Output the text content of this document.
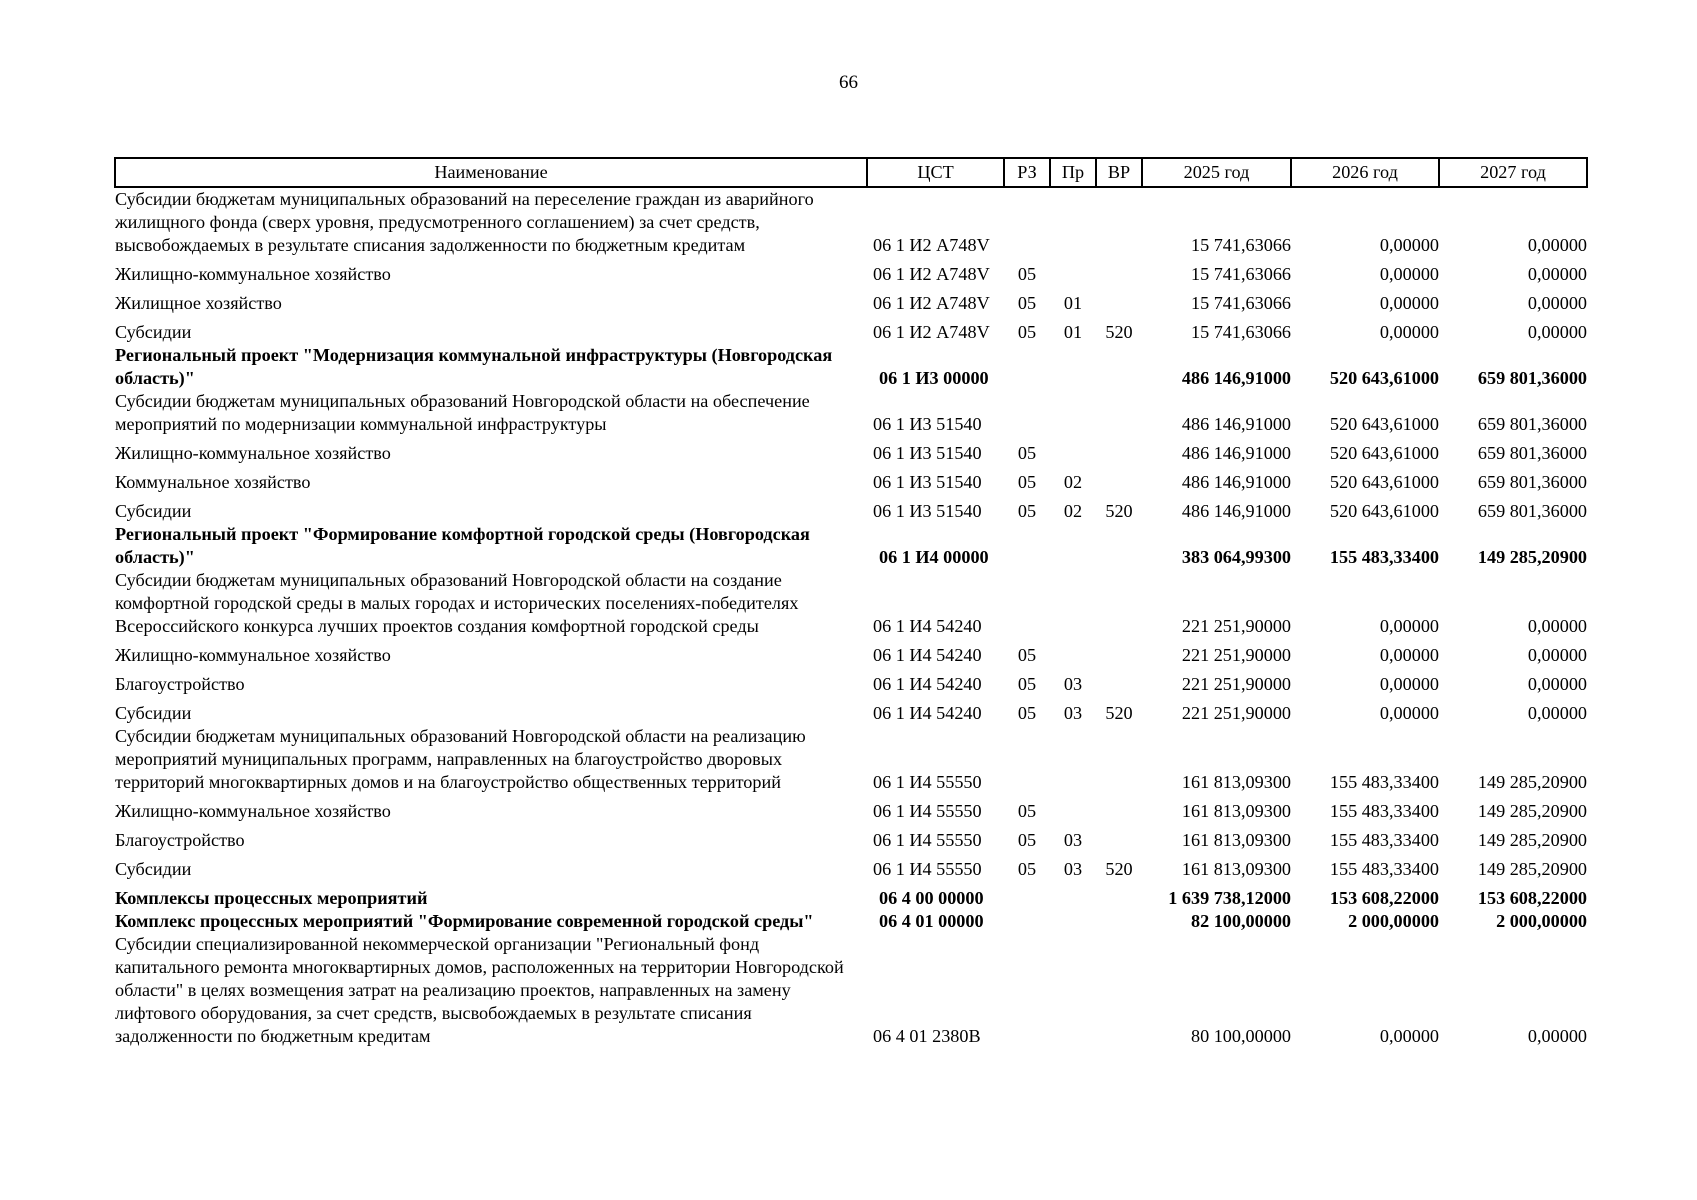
66
Наименование	ЦСТ	РЗ	Пр	ВР	2025 год	2026 год	2027 год
Субсидии бюджетам муниципальных образований на переселение граждан из аварийного жилищного фонда (сверх уровня, предусмотренного соглашением) за счет средств, высвобождаемых в результате списания задолженности по бюджетным кредитам	06 1 И2 А748V				15 741,63066	0,00000	0,00000
Жилищно-коммунальное хозяйство	06 1 И2 А748V	05			15 741,63066	0,00000	0,00000
Жилищное хозяйство	06 1 И2 А748V	05	01		15 741,63066	0,00000	0,00000
Субсидии	06 1 И2 А748V	05	01	520	15 741,63066	0,00000	0,00000
Региональный проект "Модернизация коммунальной инфраструктуры (Новгородская область)"	06 1 И3 00000				486 146,91000	520 643,61000	659 801,36000
Субсидии бюджетам муниципальных образований Новгородской области на обеспечение мероприятий по модернизации коммунальной инфраструктуры	06 1 И3 51540				486 146,91000	520 643,61000	659 801,36000
Жилищно-коммунальное хозяйство	06 1 И3 51540	05			486 146,91000	520 643,61000	659 801,36000
Коммунальное хозяйство	06 1 И3 51540	05	02		486 146,91000	520 643,61000	659 801,36000
Субсидии	06 1 И3 51540	05	02	520	486 146,91000	520 643,61000	659 801,36000
Региональный проект "Формирование комфортной городской среды (Новгородская область)"	06 1 И4 00000				383 064,99300	155 483,33400	149 285,20900
Субсидии бюджетам муниципальных образований Новгородской области на создание комфортной городской среды в малых городах и исторических поселениях-победителях Всероссийского конкурса лучших проектов создания комфортной городской среды	06 1 И4 54240				221 251,90000	0,00000	0,00000
Жилищно-коммунальное хозяйство	06 1 И4 54240	05			221 251,90000	0,00000	0,00000
Благоустройство	06 1 И4 54240	05	03		221 251,90000	0,00000	0,00000
Субсидии	06 1 И4 54240	05	03	520	221 251,90000	0,00000	0,00000
Субсидии бюджетам муниципальных образований Новгородской области на реализацию мероприятий муниципальных программ, направленных на благоустройство дворовых территорий многоквартирных домов и на благоустройство общественных территорий	06 1 И4 55550				161 813,09300	155 483,33400	149 285,20900
Жилищно-коммунальное хозяйство	06 1 И4 55550	05			161 813,09300	155 483,33400	149 285,20900
Благоустройство	06 1 И4 55550	05	03		161 813,09300	155 483,33400	149 285,20900
Субсидии	06 1 И4 55550	05	03	520	161 813,09300	155 483,33400	149 285,20900
Комплексы процессных мероприятий	06 4 00 00000				1 639 738,12000	153 608,22000	153 608,22000
Комплекс процессных мероприятий "Формирование современной городской среды"	06 4 01 00000				82 100,00000	2 000,00000	2 000,00000
Субсидии специализированной некоммерческой организации "Региональный фонд капитального ремонта многоквартирных домов, расположенных на территории Новгородской области" в целях возмещения затрат на реализацию проектов, направленных на замену лифтового оборудования, за счет средств, высвобождаемых в результате списания задолженности по бюджетным кредитам	06 4 01 2380В				80 100,00000	0,00000	0,00000
